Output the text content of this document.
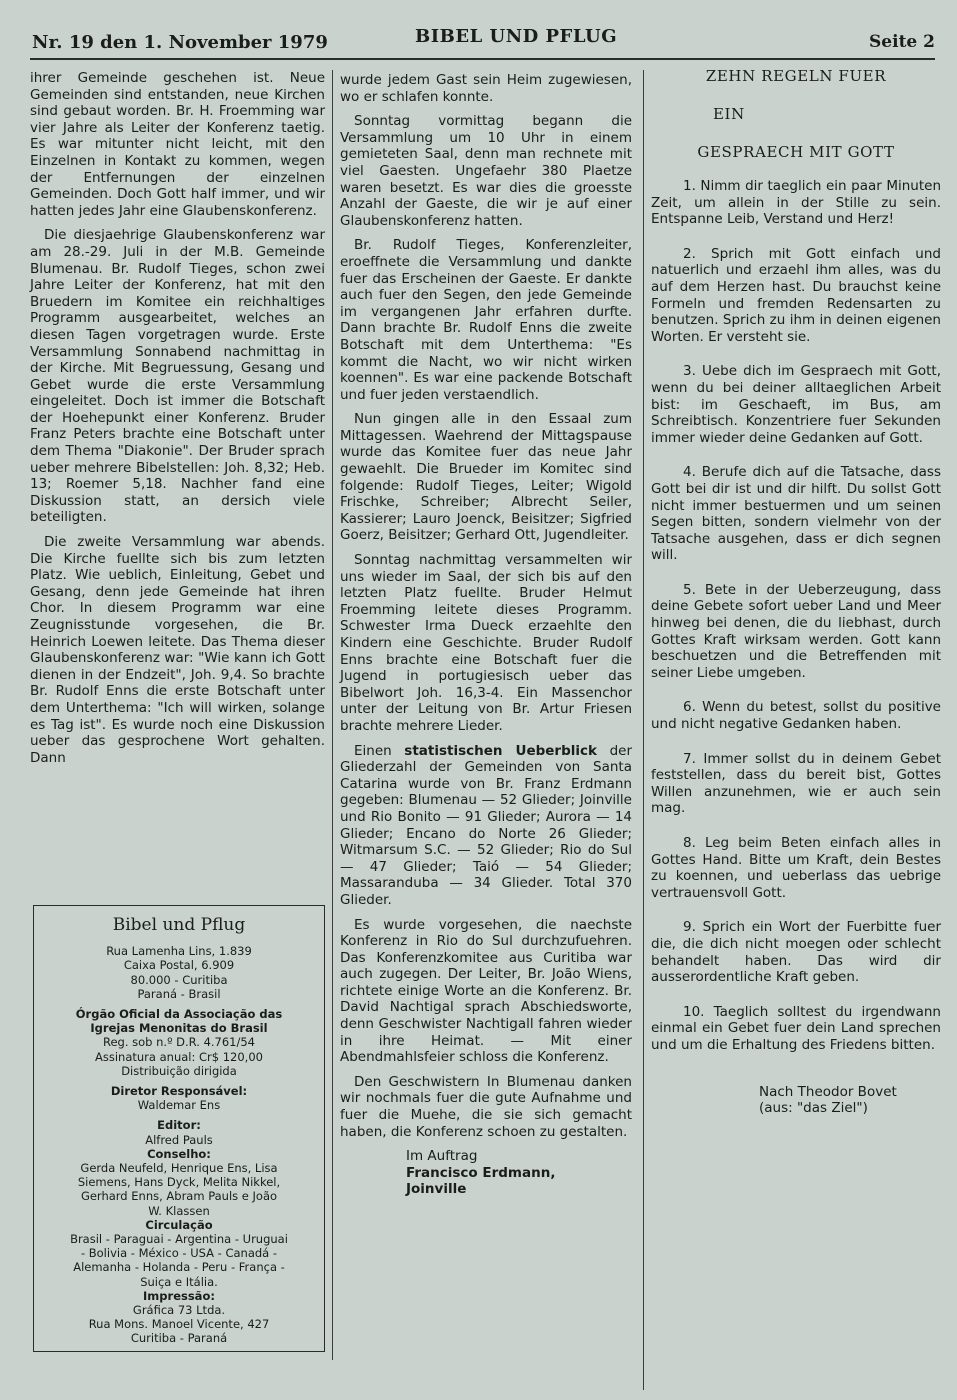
Nr. 19 den 1. November 1979	BIBEL UND PFLUG	Seite 2

ihrer Gemeinde geschehen ist. Neue Gemeinden sind entstanden, neue Kirchen sind gebaut worden. Br. H. Froemming war vier Jahre als Leiter der Konferenz taetig. Es war mitunter nicht leicht, mit den Einzelnen in Kontakt zu kommen, wegen der Entfernungen der einzelnen Gemeinden. Doch Gott half immer, und wir hatten jedes Jahr eine Glaubenskonferenz.

Die diesjaehrige Glaubenskonferenz war am 28.-29. Juli in der M.B. Gemeinde Blumenau. Br. Rudolf Tieges, schon zwei Jahre Leiter der Konferenz, hat mit den Bruedern im Komitee ein reichhaltiges Programm ausgearbeitet, welches an diesen Tagen vorgetragen wurde. Erste Versammlung Sonnabend nachmittag in der Kirche. Mit Begruessung, Gesang und Gebet wurde die erste Versammlung eingeleitet. Doch ist immer die Botschaft der Hoehepunkt einer Konferenz. Bruder Franz Peters brachte eine Botschaft unter dem Thema "Diakonie". Der Bruder sprach ueber mehrere Bibelstellen: Joh. 8,32; Heb. 13; Roemer 5,18. Nachher fand eine Diskussion statt, an dersich viele beteiligten.

Die zweite Versammlung war abends. Die Kirche fuellte sich bis zum letzten Platz. Wie ueblich, Einleitung, Gebet und Gesang, denn jede Gemeinde hat ihren Chor. In diesem Programm war eine Zeugnisstunde vorgesehen, die Br. Heinrich Loewen leitete. Das Thema dieser Glaubenskonferenz war: "Wie kann ich Gott dienen in der Endzeit", Joh. 9,4. So brachte Br. Rudolf Enns die erste Botschaft unter dem Unterthema: "Ich will wirken, solange es Tag ist". Es wurde noch eine Diskussion ueber das gesprochene Wort gehalten. Dann

Bibel und Pflug

Rua Lamenha Lins, 1.839

Caixa Postal, 6.909

80.000 - Curitiba

Paraná - Brasil

Órgão Oficial da Associação das

Igrejas Menonitas do Brasil

Reg. sob n.º D.R. 4.761/54

Assinatura anual: Cr$ 120,00

Distribuição dirigida

Diretor Responsável:

Waldemar Ens

Editor:

Alfred Pauls

Conselho:

Gerda Neufeld, Henrique Ens, Lisa

Siemens, Hans Dyck, Melita Nikkel,

Gerhard Enns, Abram Pauls e João

W. Klassen

Circulação

Brasil - Paraguai - Argentina - Uruguai

- Bolivia - México - USA - Canadá -

Alemanha - Holanda - Peru - França -

Suiça e Itália.

Impressão:

Gráfica 73 Ltda.

Rua Mons. Manoel Vicente, 427

Curitiba - Paraná

wurde jedem Gast sein Heim zugewiesen, wo er schlafen konnte.

Sonntag vormittag begann die Versammlung um 10 Uhr in einem gemieteten Saal, denn man rechnete mit viel Gaesten. Ungefaehr 380 Plaetze waren besetzt. Es war dies die groesste Anzahl der Gaeste, die wir je auf einer Glaubenskonferenz hatten.

Br. Rudolf Tieges, Konferenzleiter, eroeffnete die Versammlung und dankte fuer das Erscheinen der Gaeste. Er dankte auch fuer den Segen, den jede Gemeinde im vergangenen Jahr erfahren durfte. Dann brachte Br. Rudolf Enns die zweite Botschaft mit dem Unterthema: "Es kommt die Nacht, wo wir nicht wirken koennen". Es war eine packende Botschaft und fuer jeden verstaendlich.

Nun gingen alle in den Essaal zum Mittagessen. Waehrend der Mittagspause wurde das Komitee fuer das neue Jahr gewaehlt. Die Brueder im Komitec sind folgende: Rudolf Tieges, Leiter; Wigold Frischke, Schreiber; Albrecht Seiler, Kassierer; Lauro Joenck, Beisitzer; Sigfried Goerz, Beisitzer; Gerhard Ott, Jugendleiter.

Sonntag nachmittag versammelten wir uns wieder im Saal, der sich bis auf den letzten Platz fuellte. Bruder Helmut Froemming leitete dieses Programm. Schwester Irma Dueck erzaehlte den Kindern eine Geschichte. Bruder Rudolf Enns brachte eine Botschaft fuer die Jugend in portugiesisch ueber das Bibelwort Joh. 16,3-4. Ein Massenchor unter der Leitung von Br. Artur Friesen brachte mehrere Lieder.

Einen statistischen Ueberblick der Gliederzahl der Gemeinden von Santa Catarina wurde von Br. Franz Erdmann gegeben: Blumenau — 52 Glieder; Joinville und Rio Bonito — 91 Glieder; Aurora — 14 Glieder; Encano do Norte 26 Glieder; Witmarsum S.C. — 52 Glieder; Rio do Sul — 47 Glieder; Taió — 54 Glieder; Massaranduba — 34 Glieder. Total 370 Glieder.

Es wurde vorgesehen, die naechste Konferenz in Rio do Sul durchzufuehren. Das Konferenzkomitee aus Curitiba war auch zugegen. Der Leiter, Br. João Wiens, richtete einige Worte an die Konferenz. Br. David Nachtigal sprach Abschiedsworte, denn Geschwister Nachtigall fahren wieder in ihre Heimat. — Mit einer Abendmahlsfeier schloss die Konferenz.

Den Geschwistern In Blumenau danken wir nochmals fuer die gute Aufnahme und fuer die Muehe, die sie sich gemacht haben, die Konferenz schoen zu gestalten.

Im Auftrag
Francisco Erdmann,
Joinville

ZEHN REGELN FUER

EIN

GESPRAECH MIT GOTT

1. Nimm dir taeglich ein paar Minuten Zeit, um allein in der Stille zu sein. Entspanne Leib, Verstand und Herz!

2. Sprich mit Gott einfach und natuerlich und erzaehl ihm alles, was du auf dem Herzen hast. Du brauchst keine Formeln und fremden Redensarten zu benutzen. Sprich zu ihm in deinen eigenen Worten. Er versteht sie.

3. Uebe dich im Gespraech mit Gott, wenn du bei deiner alltaeglichen Arbeit bist: im Geschaeft, im Bus, am Schreibtisch. Konzentriere fuer Sekunden immer wieder deine Gedanken auf Gott.

4. Berufe dich auf die Tatsache, dass Gott bei dir ist und dir hilft. Du sollst Gott nicht immer bestuermen und um seinen Segen bitten, sondern vielmehr von der Tatsache ausgehen, dass er dich segnen will.

5. Bete in der Ueberzeugung, dass deine Gebete sofort ueber Land und Meer hinweg bei denen, die du liebhast, durch Gottes Kraft wirksam werden. Gott kann beschuetzen und die Betreffenden mit seiner Liebe umgeben.

6. Wenn du betest, sollst du positive und nicht negative Gedanken haben.

7. Immer sollst du in deinem Gebet feststellen, dass du bereit bist, Gottes Willen anzunehmen, wie er auch sein mag.

8. Leg beim Beten einfach alles in Gottes Hand. Bitte um Kraft, dein Bestes zu koennen, und ueberlass das uebrige vertrauensvoll Gott.

9. Sprich ein Wort der Fuerbitte fuer die, die dich nicht moegen oder schlecht behandelt haben. Das wird dir ausserordentliche Kraft geben.

10. Taeglich solltest du irgendwann einmal ein Gebet fuer dein Land sprechen und um die Erhaltung des Friedens bitten.

Nach Theodor Bovet

(aus: "das Ziel")
